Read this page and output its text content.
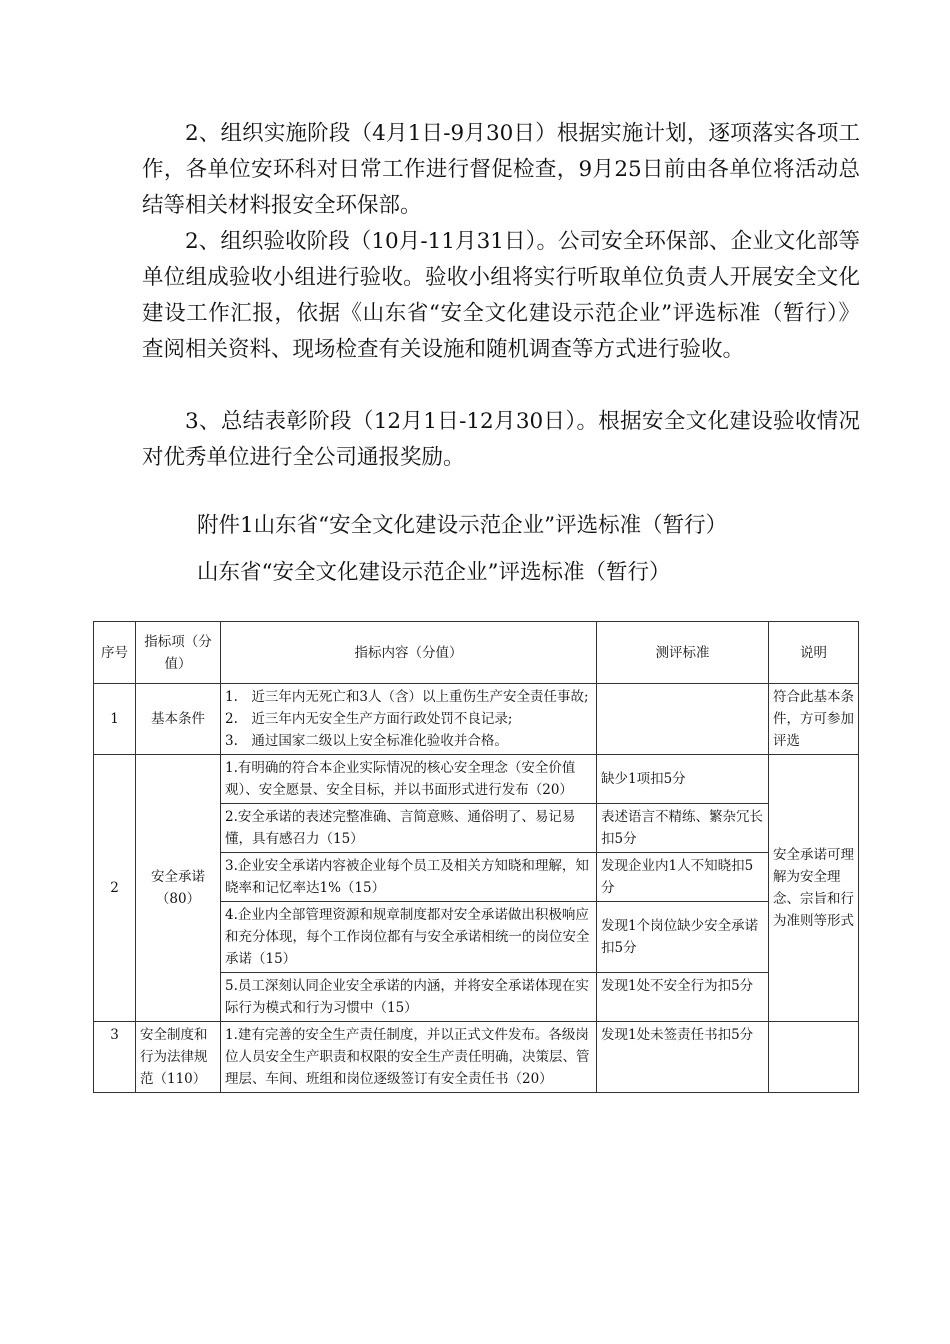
2、组织实施阶段（4月1日-9月30日）根据实施计划，逐项落实各项工作，各单位安环科对日常工作进行督促检查，9月25日前由各单位将活动总结等相关材料报安全环保部。

2、组织验收阶段（10月-11月31日）。公司安全环保部、企业文化部等单位组成验收小组进行验收。验收小组将实行听取单位负责人开展安全文化建设工作汇报，依据《山东省“安全文化建设示范企业”评选标准（暂行）》查阅相关资料、现场检查有关设施和随机调查等方式进行验收。

3、总结表彰阶段（12月1日-12月30日）。根据安全文化建设验收情况对优秀单位进行全公司通报奖励。

附件1山东省“安全文化建设示范企业”评选标准（暂行）

山东省“安全文化建设示范企业”评选标准（暂行）

序号	指标项（分值）	指标内容（分值）	测评标准	说明
1	基本条件	1.　近三年内无死亡和3人（含）以上重伤生产安全责任事故;
2.　近三年内无安全生产方面行政处罚不良记录;
3.　通过国家二级以上安全标准化验收并合格。		符合此基本条件，方可参加评选
2	安全承诺（80）	1.有明确的符合本企业实际情况的核心安全理念（安全价值观）、安全愿景、安全目标，并以书面形式进行发布（20）	缺少1项扣5分	安全承诺可理解为安全理念、宗旨和行为准则等形式
		2.安全承诺的表述完整准确、言简意赅、通俗明了、易记易懂，具有感召力（15）	表述语言不精练、繁杂冗长扣5分	
		3.企业安全承诺内容被企业每个员工及相关方知晓和理解，知晓率和记忆率达1%（15）	发现企业内1人不知晓扣5分	
		4.企业内全部管理资源和规章制度都对安全承诺做出积极响应和充分体现，每个工作岗位都有与安全承诺相统一的岗位安全承诺（15）	发现1个岗位缺少安全承诺扣5分	
		5.员工深刻认同企业安全承诺的内涵，并将安全承诺体现在实际行为模式和行为习惯中（15）	发现1处不安全行为扣5分	
3	安全制度和行为法律规范（110）	1.建有完善的安全生产责任制度，并以正式文件发布。各级岗位人员安全生产职责和权限的安全生产责任明确，决策层、管理层、车间、班组和岗位逐级签订有安全责任书（20）	发现1处未签责任书扣5分	
